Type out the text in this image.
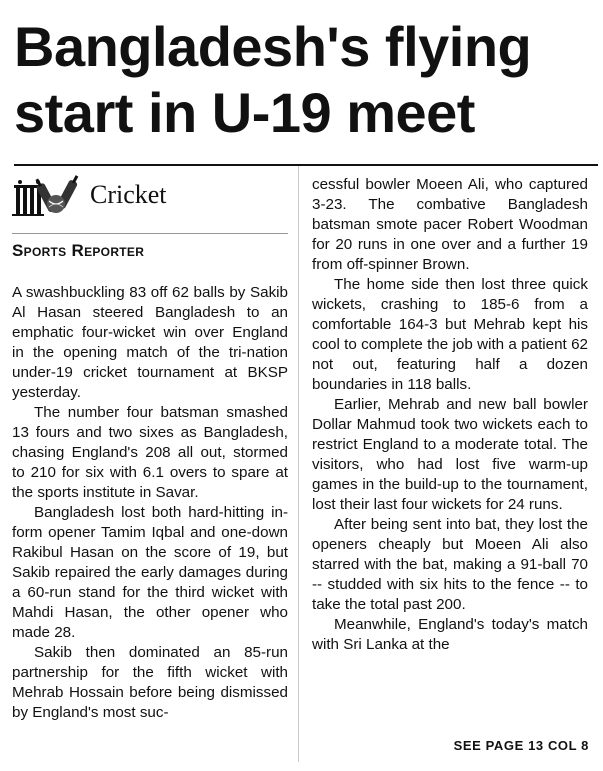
Bangladesh's flying
start in U-19 meet
Cricket
Sports Reporter

A swashbuckling 83 off 62 balls by Sakib Al Hasan steered Bangladesh to an emphatic four-wicket win over England in the opening match of the tri-nation under-19 cricket tournament at BKSP yesterday.

The number four batsman smashed 13 fours and two sixes as Bangladesh, chasing England's 208 all out, stormed to 210 for six with 6.1 overs to spare at the sports institute in Savar.

Bangladesh lost both hard-hitting in-form opener Tamim Iqbal and one-down Rakibul Hasan on the score of 19, but Sakib repaired the early damages during a 60-run stand for the third wicket with Mahdi Hasan, the other opener who made 28.

Sakib then dominated an 85-run partnership for the fifth wicket with Mehrab Hossain before being dismissed by England's most suc-

cessful bowler Moeen Ali, who captured 3-23. The combative Bangladesh batsman smote pacer Robert Woodman for 20 runs in one over and a further 19 from off-spinner Brown.

The home side then lost three quick wickets, crashing to 185-6 from a comfortable 164-3 but Mehrab kept his cool to complete the job with a patient 62 not out, featuring half a dozen boundaries in 118 balls.

Earlier, Mehrab and new ball bowler Dollar Mahmud took two wickets each to restrict England to a moderate total. The visitors, who had lost five warm-up games in the build-up to the tournament, lost their last four wickets for 24 runs.

After being sent into bat, they lost the openers cheaply but Moeen Ali also starred with the bat, making a 91-ball 70 -- studded with six hits to the fence -- to take the total past 200.

Meanwhile, England's today's match with Sri Lanka at the

SEE PAGE 13 COL 8
